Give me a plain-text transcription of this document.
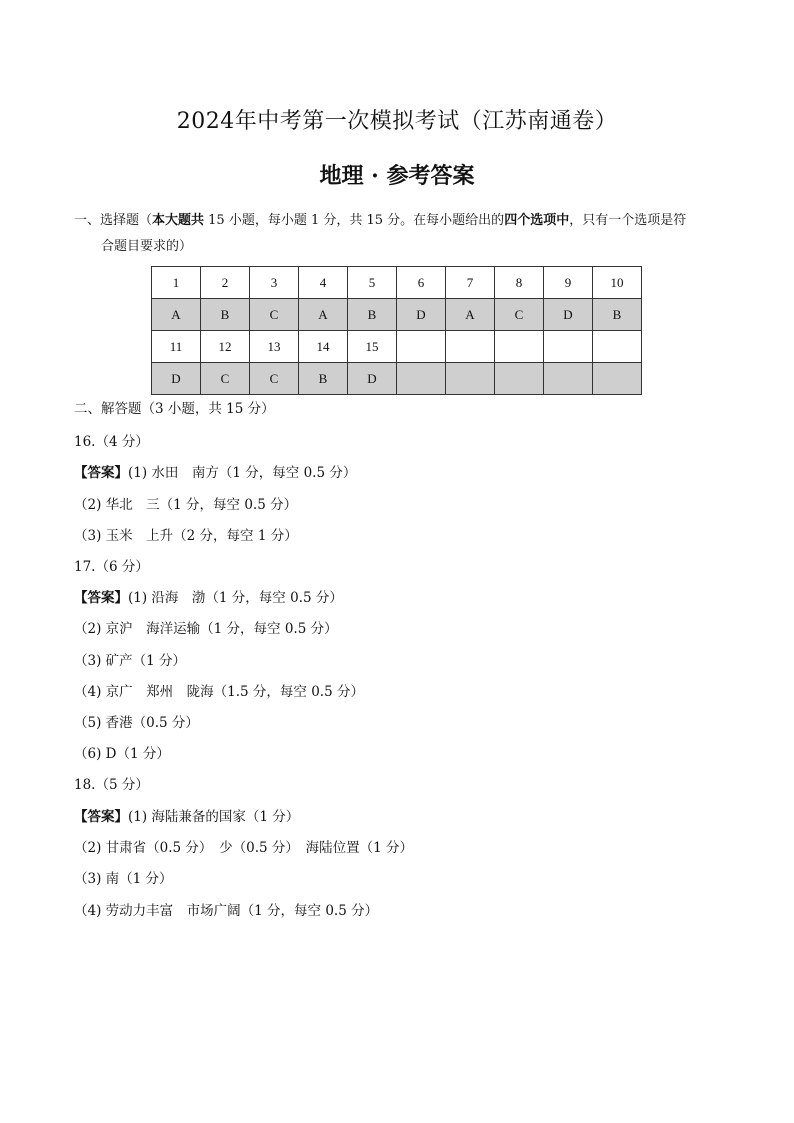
2024年中考第一次模拟考试（江苏南通卷）
地理 · 参考答案
一、选择题（本大题共 15 小题，每小题 1 分，共 15 分。在每小题给出的四个选项中，只有一个选项是符
合题目要求的）
1	2	3	4	5	6	7	8	9	10
A	B	C	A	B	D	A	C	D	B
11	12	13	14	15					
D	C	C	B	D					
二、解答题（3 小题，共 15 分）
16.（4 分）
【答案】(1) 水田　南方（1 分，每空 0.5 分）
（2) 华北　三（1 分，每空 0.5 分）
（3) 玉米　上升（2 分，每空 1 分）
17.（6 分）
【答案】(1) 沿海　渤（1 分，每空 0.5 分）
（2) 京沪　海洋运输（1 分，每空 0.5 分）
（3) 矿产（1 分）
（4) 京广　郑州　陇海（1.5 分，每空 0.5 分）
（5) 香港（0.5 分）
（6) D（1 分）
18.（5 分）
【答案】(1) 海陆兼备的国家（1 分）
（2) 甘肃省（0.5 分）　少（0.5 分）　海陆位置（1 分）
（3) 南（1 分）
（4) 劳动力丰富　市场广阔（1 分，每空 0.5 分）
